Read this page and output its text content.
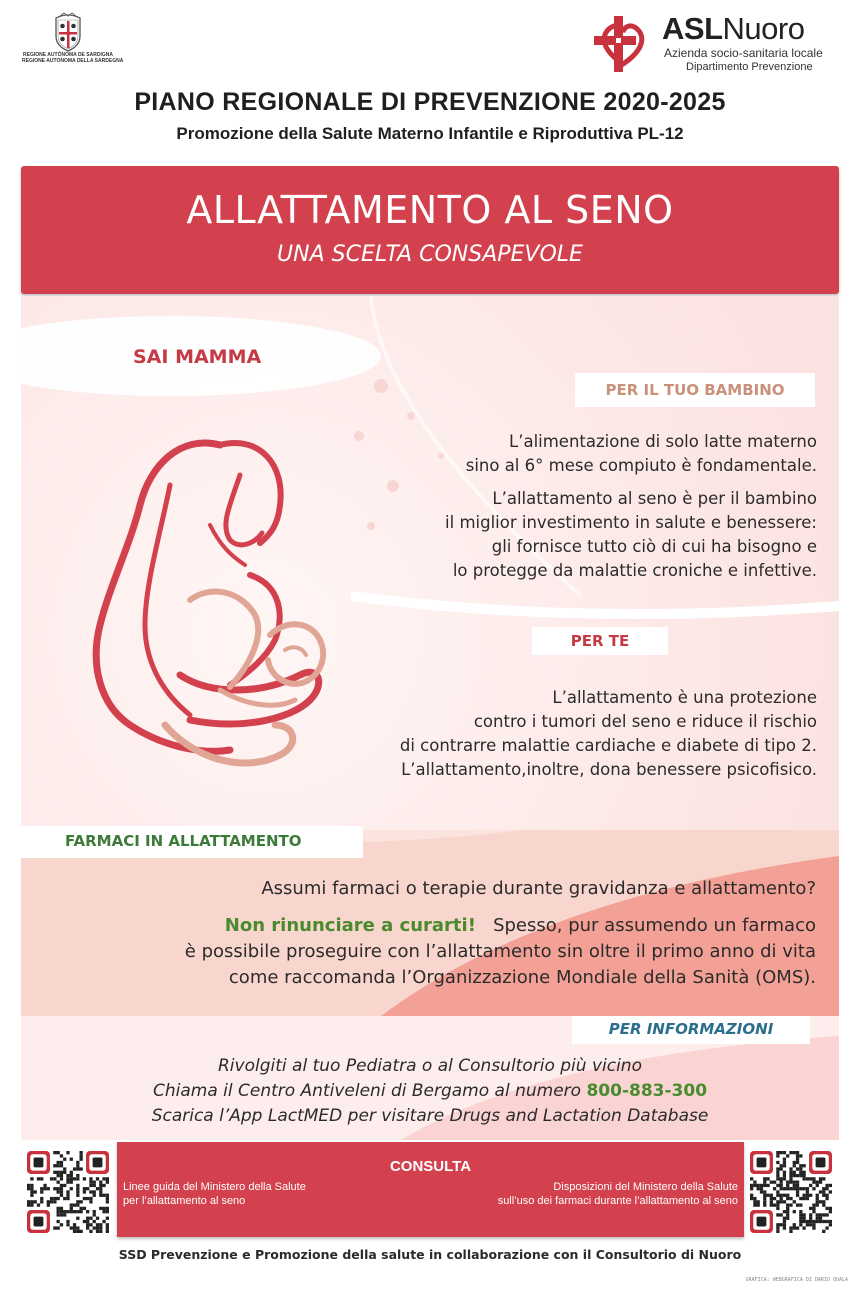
REGIONE AUTÒNOMA DE SARDIGNA
REGIONE AUTONOMA DELLA SARDEGNA
ASLNuoro
Azienda socio-sanitaria locale
Dipartimento Prevenzione
PIANO REGIONALE DI PREVENZIONE 2020-2025
Promozione della Salute Materno Infantile e Riproduttiva PL-12
ALLATTAMENTO AL SENO
UNA SCELTA CONSAPEVOLE
SAI MAMMA
PER IL TUO BAMBINO

L’alimentazione di solo latte materno
sino al 6° mese compiuto è fondamentale.

L’allattamento al seno è per il bambino
il miglior investimento in salute e benessere:
gli fornisce tutto ciò di cui ha bisogno e
lo protegge da malattie croniche e infettive.

PER TE
L’allattamento è una protezione
contro i tumori del seno e riduce il rischio
di contrarre malattie cardiache e diabete di tipo 2.
L’allattamento,inoltre, dona benessere psicofisico.
FARMACI IN ALLATTAMENTO
Assumi farmaci o terapie durante gravidanza e allattamento?
Non rinunciare a curarti!   Spesso, pur assumendo un farmaco
è possibile proseguire con l’allattamento sin oltre il primo anno di vita
come raccomanda l’Organizzazione Mondiale della Sanità (OMS).
PER INFORMAZIONI
Rivolgiti al tuo Pediatra o al Consultorio più vicino
Chiama il Centro Antiveleni di Bergamo al numero 800-883-300
Scarica l’App LactMED per visitare Drugs and Lactation Database
CONSULTA
Linee guida del Ministero della Salute
per l’allattamento al seno
Disposizioni del Ministero della Salute
sull’uso dei farmaci durante l’allattamento al seno
SSD Prevenzione e Promozione della salute in collaborazione con il Consultorio di Nuoro
GRAFICA: WEBGRAFICA DI DARIO QUALA
